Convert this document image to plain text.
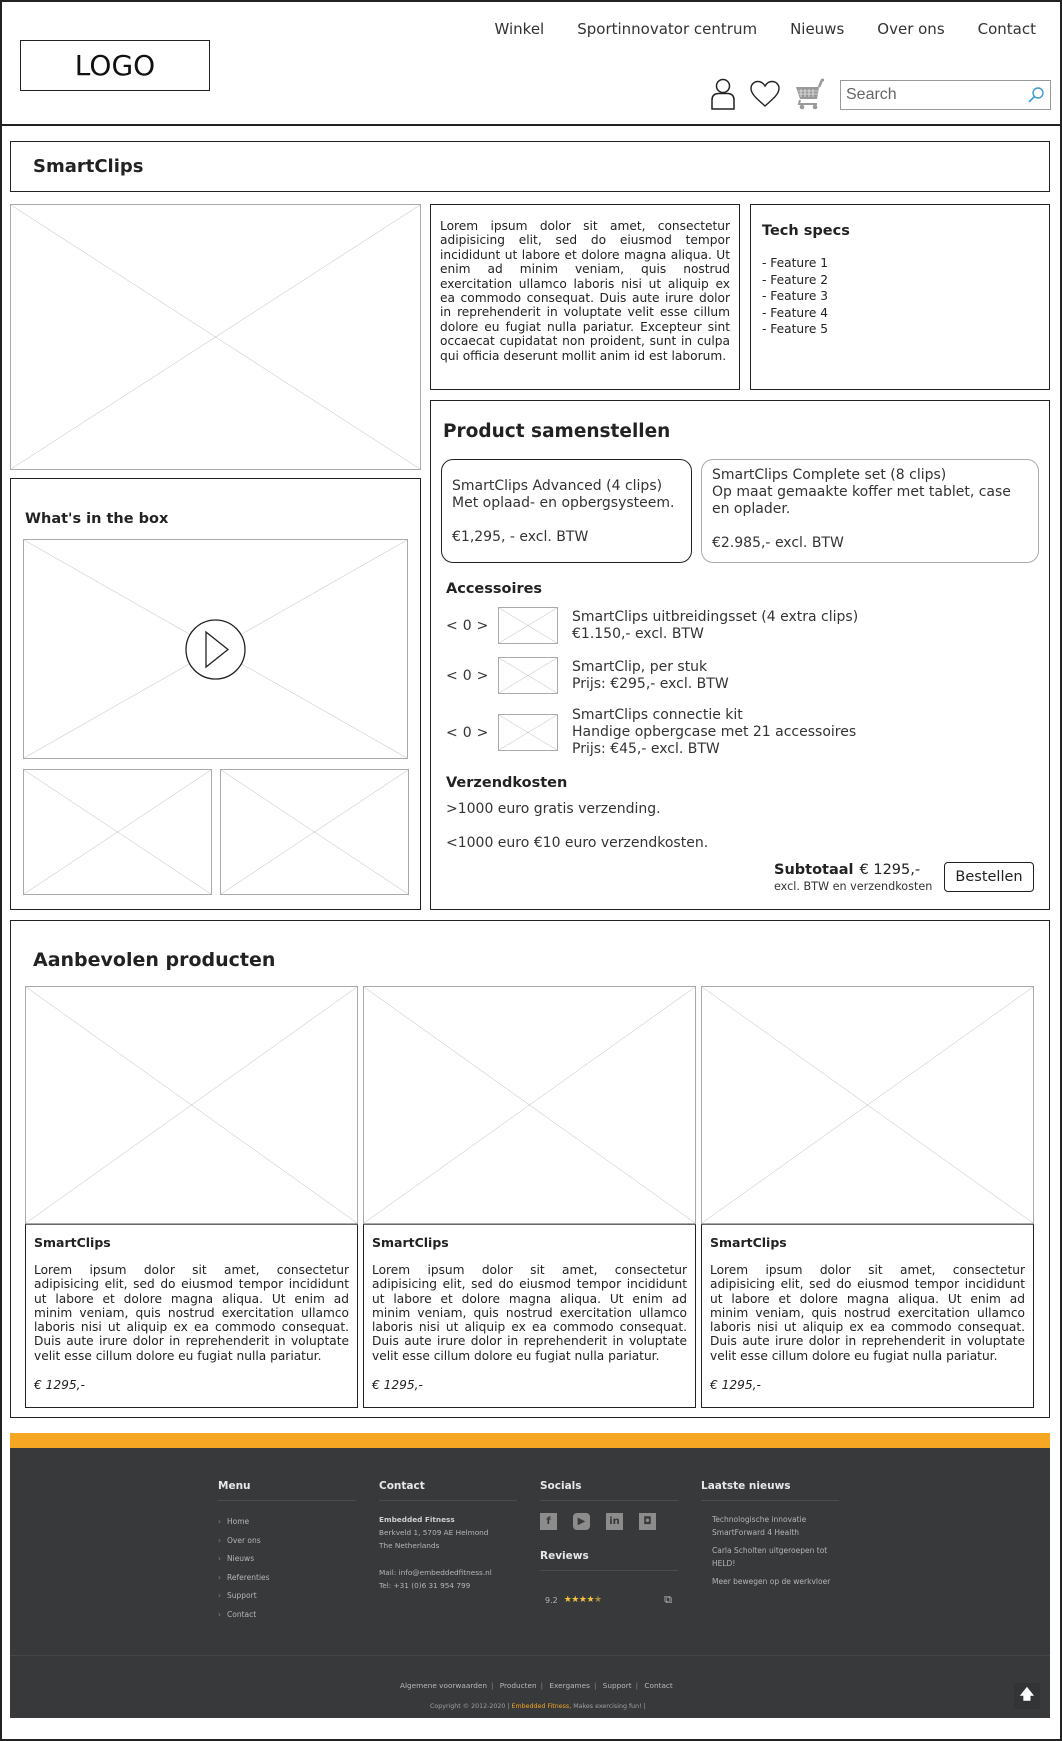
LOGO
Winkel Sportinnovator centrum Nieuws Over ons Contact
Search
SmartClips
Lorem ipsum dolor sit amet, consectetur adipisicing elit, sed do eiusmod tempor incididunt ut labore et dolore magna aliqua. Ut enim ad minim veniam, quis nostrud exercitation ullamco laboris nisi ut aliquip ex ea commodo consequat. Duis aute irure dolor in reprehenderit in voluptate velit esse cillum dolore eu fugiat nulla pariatur. Excepteur sint occaecat cupidatat non proident, sunt in culpa qui officia deserunt mollit anim id est laborum.
Tech specs
- Feature 1
- Feature 2
- Feature 3
- Feature 4
- Feature 5
What's in the box
Product samenstellen
SmartClips Advanced (4 clips)
Met oplaad- en opbergsysteem.
€1,295, - excl. BTW
SmartClips Complete set (8 clips)
Op maat gemaakte koffer met tablet, case en oplader.
€2.985,- excl. BTW
Accessoires
< 0 >
SmartClips uitbreidingsset (4 extra clips)
€1.150,- excl. BTW
< 0 >
SmartClip, per stuk
Prijs: €295,- excl. BTW
< 0 >
SmartClips connectie kit
Handige opbergcase met 21 accessoires
Prijs: €45,- excl. BTW
Verzendkosten
>1000 euro gratis verzending.
<1000 euro €10 euro verzendkosten.
Subtotaal € 1295,-
excl. BTW en verzendkosten
Bestellen
Aanbevolen producten
SmartClips
Lorem ipsum dolor sit amet, consectetur adipisicing elit, sed do eiusmod tempor incididunt ut labore et dolore magna aliqua. Ut enim ad minim veniam, quis nostrud exercitation ullamco laboris nisi ut aliquip ex ea commodo consequat. Duis aute irure dolor in reprehenderit in voluptate velit esse cillum dolore eu fugiat nulla pariatur.
€ 1295,-
SmartClips
Lorem ipsum dolor sit amet, consectetur adipisicing elit, sed do eiusmod tempor incididunt ut labore et dolore magna aliqua. Ut enim ad minim veniam, quis nostrud exercitation ullamco laboris nisi ut aliquip ex ea commodo consequat. Duis aute irure dolor in reprehenderit in voluptate velit esse cillum dolore eu fugiat nulla pariatur.
€ 1295,-
SmartClips
Lorem ipsum dolor sit amet, consectetur adipisicing elit, sed do eiusmod tempor incididunt ut labore et dolore magna aliqua. Ut enim ad minim veniam, quis nostrud exercitation ullamco laboris nisi ut aliquip ex ea commodo consequat. Duis aute irure dolor in reprehenderit in voluptate velit esse cillum dolore eu fugiat nulla pariatur.
€ 1295,-
Menu
› Home
› Over ons
› Nieuws
› Referenties
› Support
› Contact
Contact
Embedded Fitness
Berkveld 1, 5709 AE Helmond
The Netherlands

Mail: info@embeddedfitness.nl
Tel: +31 (0)6 31 954 799
Socials
f	▶	in	◘
Reviews
9.2 ★★★★★	⧉
Laatste nieuws
Technologische innovatie SmartForward 4 Health
Carla Scholten uitgeroepen tot HELD!
Meer bewegen op de werkvloer
Algemene voorwaarden | Producten | Exergames | Support | Contact
Copyright © 2012-2020 | Embedded Fitness, Makes exercising fun! |
🡅
